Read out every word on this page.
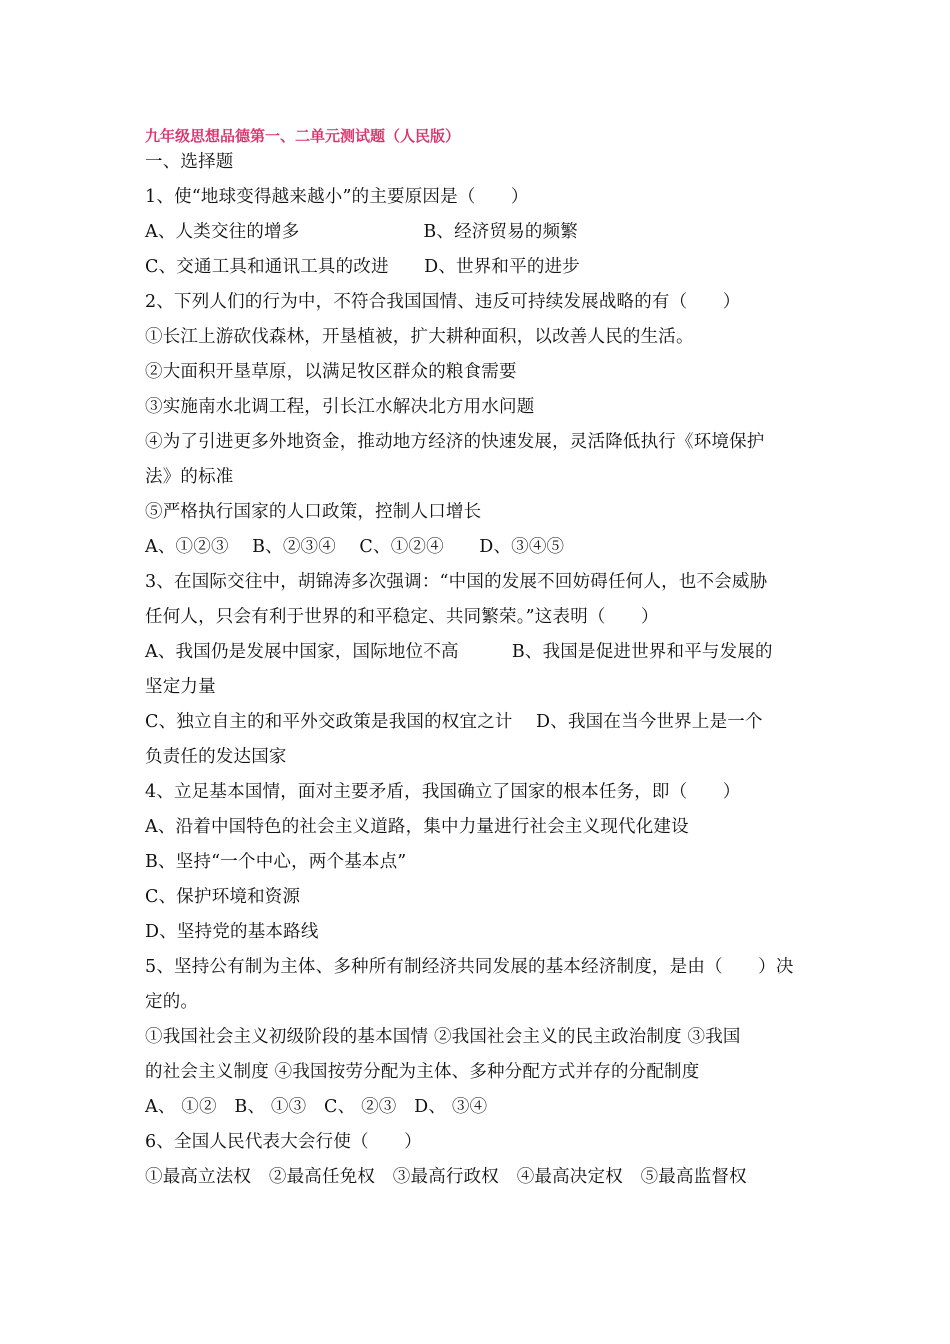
九年级思想品德第一、二单元测试题（人民版）
一、选择题
1、使“地球变得越来越小”的主要原因是（　　）
A、人类交往的增多　　　　　　　B、经济贸易的频繁
C、交通工具和通讯工具的改进　　D、世界和平的进步
2、下列人们的行为中，不符合我国国情、违反可持续发展战略的有（　　）
①长江上游砍伐森林，开垦植被，扩大耕种面积，以改善人民的生活。
②大面积开垦草原，以满足牧区群众的粮食需要
③实施南水北调工程，引长江水解决北方用水问题
④为了引进更多外地资金，推动地方经济的快速发展，灵活降低执行《环境保护
法》的标准
⑤严格执行国家的人口政策，控制人口增长
A、①②③　 B、②③④　 C、①②④　　D、③④⑤
3、在国际交往中，胡锦涛多次强调：“中国的发展不回妨碍任何人，也不会威胁
任何人，只会有利于世界的和平稳定、共同繁荣。”这表明（　　）
A、我国仍是发展中国家，国际地位不高　　　B、我国是促进世界和平与发展的
坚定力量
C、独立自主的和平外交政策是我国的权宜之计　 D、我国在当今世界上是一个
负责任的发达国家
4、立足基本国情，面对主要矛盾，我国确立了国家的根本任务，即（　　）
A、沿着中国特色的社会主义道路，集中力量进行社会主义现代化建设
B、坚持“一个中心，两个基本点”
C、保护环境和资源
D、坚持党的基本路线
5、坚持公有制为主体、多种所有制经济共同发展的基本经济制度，是由（　　）决
定的。
①我国社会主义初级阶段的基本国情 ②我国社会主义的民主政治制度 ③我国
的社会主义制度 ④我国按劳分配为主体、多种分配方式并存的分配制度
A、 ①②　B、 ①③　C、 ②③　D、 ③④
6、全国人民代表大会行使（　　）
①最高立法权　②最高任免权　③最高行政权　④最高决定权　⑤最高监督权
